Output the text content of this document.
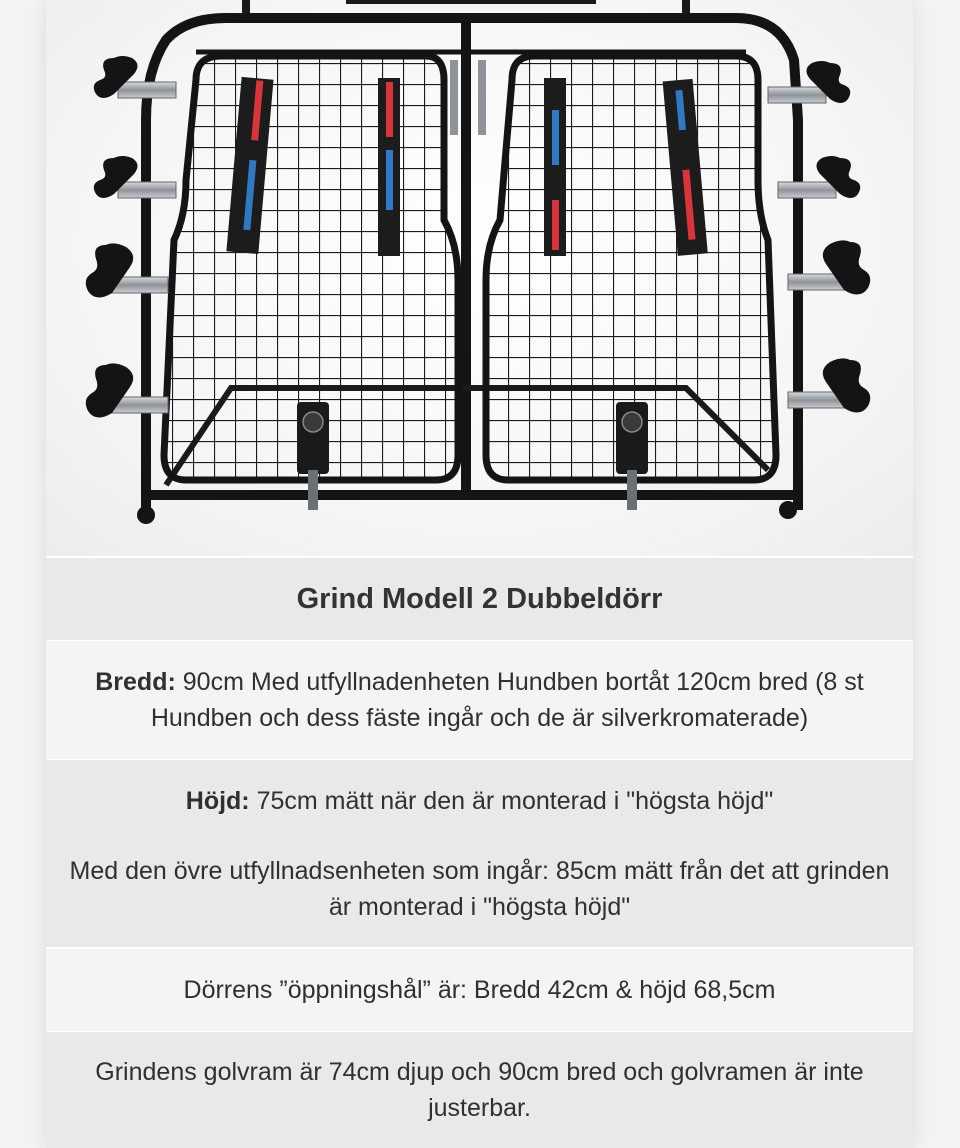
Grind Modell 2 Dubbeldörr

Bredd: 90cm Med utfyllnadenheten Hundben bortåt 120cm bred (8 st Hundben och dess fäste ingår och de är silverkromaterade)

Höjd: 75cm mätt när den är monterad i "högsta höjd"

Med den övre utfyllnadsenheten som ingår: 85cm mätt från det att grinden är monterad i "högsta höjd"

Dörrens ”öppningshål” är: Bredd 42cm & höjd 68,5cm

Grindens golvram är 74cm djup och 90cm bred och golvramen är inte justerbar.
